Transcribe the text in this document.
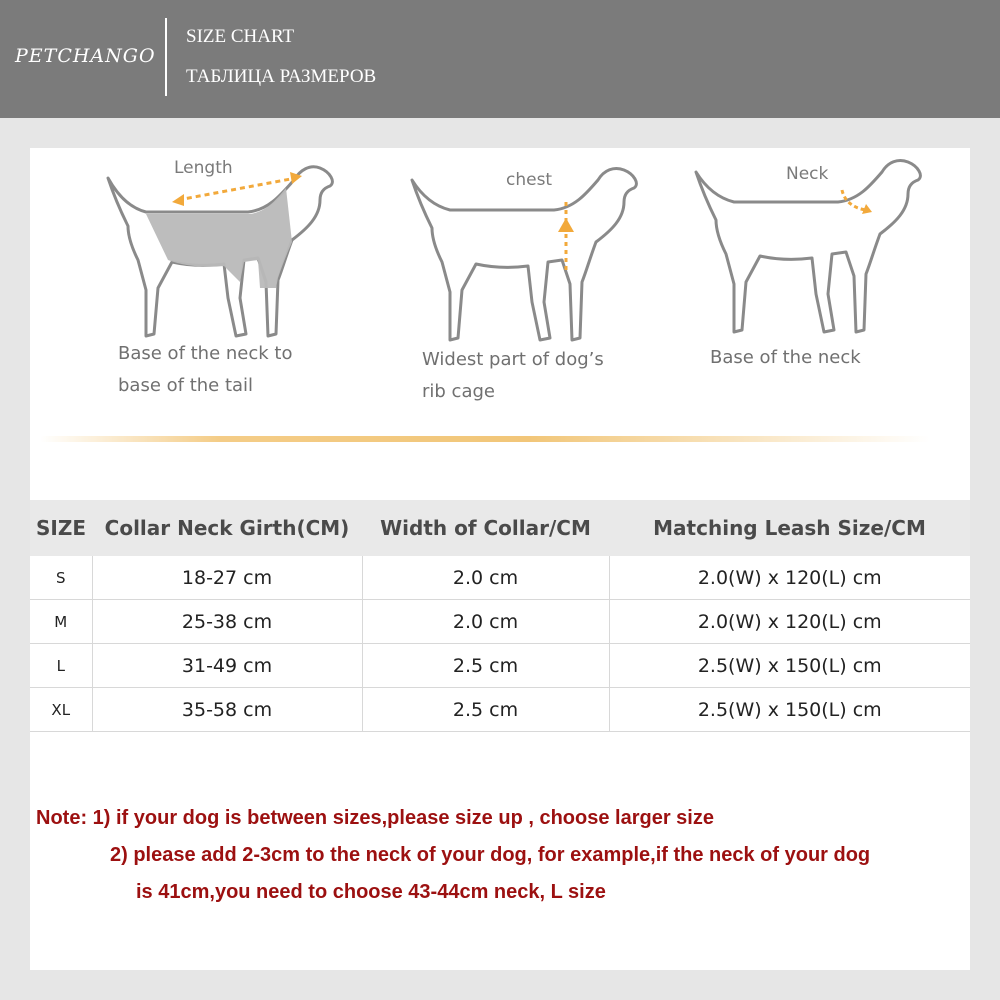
PETCHANGO
SIZE CHART
ТАБЛИЦА РАЗМЕРОВ
Length
Base of the neck to
base of the tail
chest
Widest part of dog’s
rib cage
Neck
Base of the neck
SIZE	Collar Neck Girth(CM)	Width of Collar/CM	Matching Leash Size/CM
S	18-27 cm	2.0 cm	2.0(W) x 120(L) cm
M	25-38 cm	2.0 cm	2.0(W) x 120(L) cm
L	31-49 cm	2.5 cm	2.5(W) x 150(L) cm
XL	35-58 cm	2.5 cm	2.5(W) x 150(L) cm
Note: 1) if your dog is between sizes,please size up , choose larger size
2) please add 2-3cm to the neck of your dog, for example,if the neck of your dog
is 41cm,you need to choose 43-44cm neck, L size
